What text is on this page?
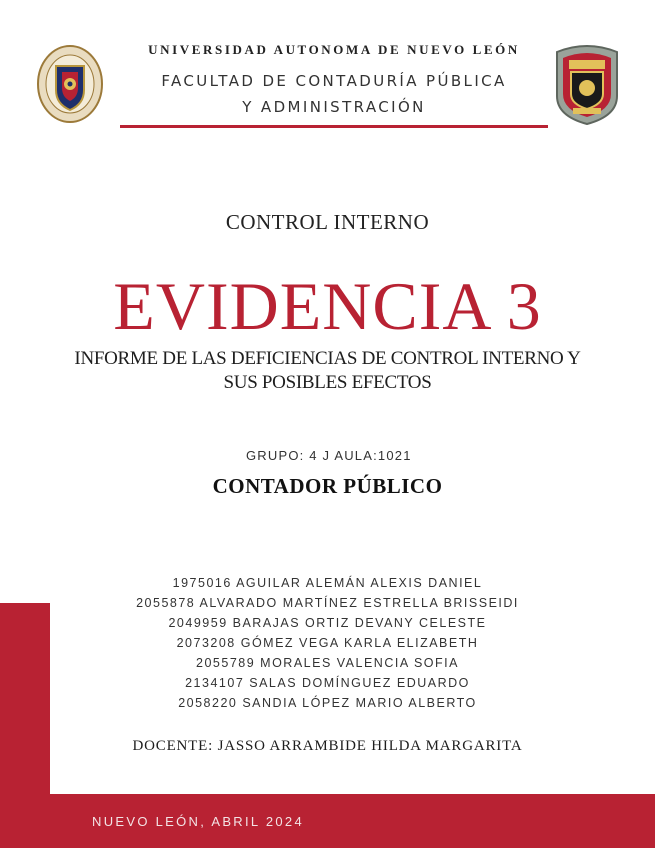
UNIVERSIDAD AUTONOMA DE NUEVO LEÓN
FACULTAD DE CONTADURÍA PÚBLICA
Y ADMINISTRACIÓN
CONTROL INTERNO
EVIDENCIA 3
INFORME DE LAS DEFICIENCIAS DE CONTROL INTERNO Y
SUS POSIBLES EFECTOS
GRUPO: 4 J AULA:1021
CONTADOR PÚBLICO
1975016 AGUILAR ALEMÁN ALEXIS DANIEL
2055878 ALVARADO MARTÍNEZ ESTRELLA BRISSEIDI
2049959 BARAJAS ORTIZ DEVANY CELESTE
2073208 GÓMEZ VEGA KARLA ELIZABETH
2055789 MORALES VALENCIA SOFIA
2134107 SALAS DOMÍNGUEZ EDUARDO
2058220 SANDIA LÓPEZ MARIO ALBERTO
DOCENTE: JASSO ARRAMBIDE HILDA MARGARITA
NUEVO LEÓN, ABRIL 2024
